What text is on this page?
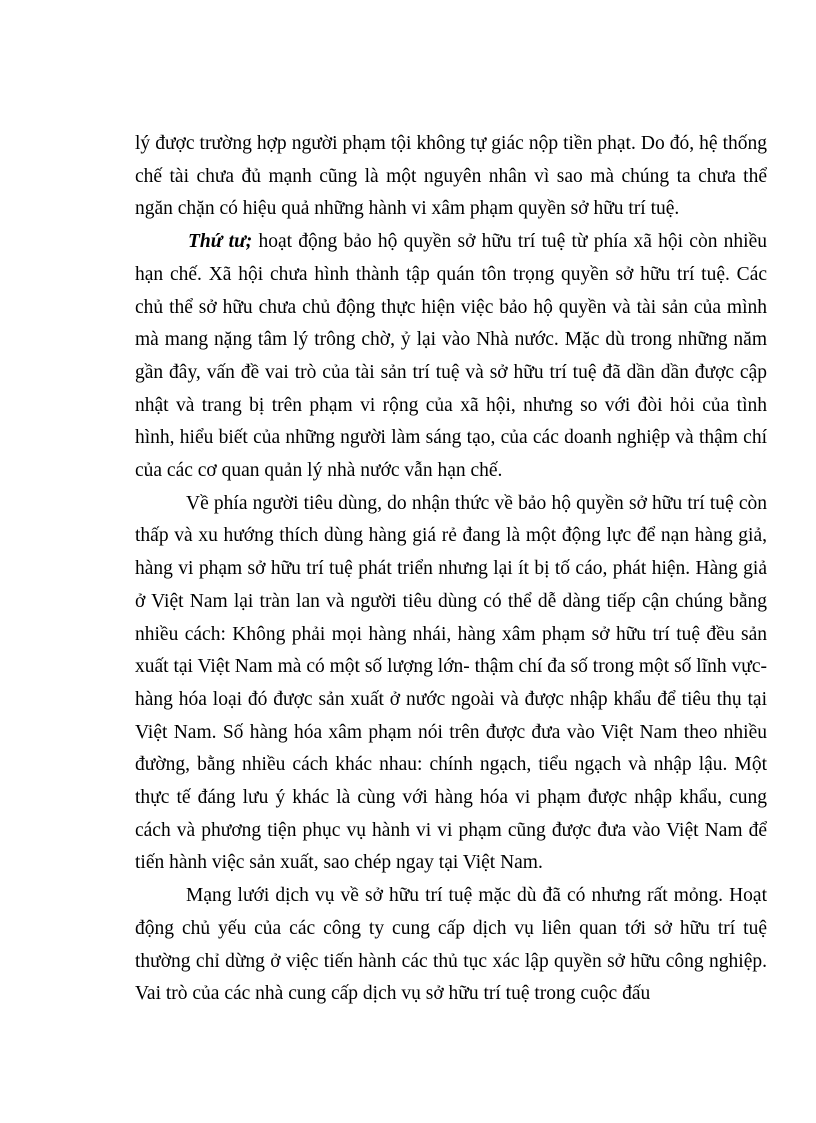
lý được trường hợp người phạm tội không tự giác nộp tiền phạt. Do đó, hệ thống chế tài chưa đủ mạnh cũng là một nguyên nhân vì sao mà chúng ta chưa thể ngăn chặn có hiệu quả những hành vi xâm phạm quyền sở hữu trí tuệ.

Thứ tư; hoạt động bảo hộ quyền sở hữu trí tuệ từ phía xã hội còn nhiều hạn chế. Xã hội chưa hình thành tập quán tôn trọng quyền sở hữu trí tuệ. Các chủ thể sở hữu chưa chủ động thực hiện việc bảo hộ quyền và tài sản của mình mà mang nặng tâm lý trông chờ, ỷ lại vào Nhà nước. Mặc dù trong những năm gần đây, vấn đề vai trò của tài sản trí tuệ và sở hữu trí tuệ đã dần dần được cập nhật và trang bị trên phạm vi rộng của xã hội, nhưng so với đòi hỏi của tình hình, hiểu biết của những người làm sáng tạo, của các doanh nghiệp và thậm chí của các cơ quan quản lý nhà nước vẫn hạn chế.

Về phía người tiêu dùng, do nhận thức về bảo hộ quyền sở hữu trí tuệ còn thấp và xu hướng thích dùng hàng giá rẻ đang là một động lực để nạn hàng giả, hàng vi phạm sở hữu trí tuệ phát triển nhưng lại ít bị tố cáo, phát hiện. Hàng giả ở Việt Nam lại tràn lan và người tiêu dùng có thể dễ dàng tiếp cận chúng bằng nhiều cách: Không phải mọi hàng nhái, hàng xâm phạm sở hữu trí tuệ đều sản xuất tại Việt Nam mà có một số lượng lớn- thậm chí đa số trong một số lĩnh vực- hàng hóa loại đó được sản xuất ở nước ngoài và được nhập khẩu để tiêu thụ tại Việt Nam. Số hàng hóa xâm phạm nói trên được đưa vào Việt Nam theo nhiều đường, bằng nhiều cách khác nhau: chính ngạch, tiểu ngạch và nhập lậu. Một thực tế đáng lưu ý khác là cùng với hàng hóa vi phạm được nhập khẩu, cung cách và phương tiện phục vụ hành vi vi phạm cũng được đưa vào Việt Nam để tiến hành việc sản xuất, sao chép ngay tại Việt Nam.

Mạng lưới dịch vụ về sở hữu trí tuệ mặc dù đã có nhưng rất mỏng. Hoạt động chủ yếu của các công ty cung cấp dịch vụ liên quan tới sở hữu trí tuệ thường chỉ dừng ở việc tiến hành các thủ tục xác lập quyền sở hữu công nghiệp. Vai trò của các nhà cung cấp dịch vụ sở hữu trí tuệ trong cuộc đấu
